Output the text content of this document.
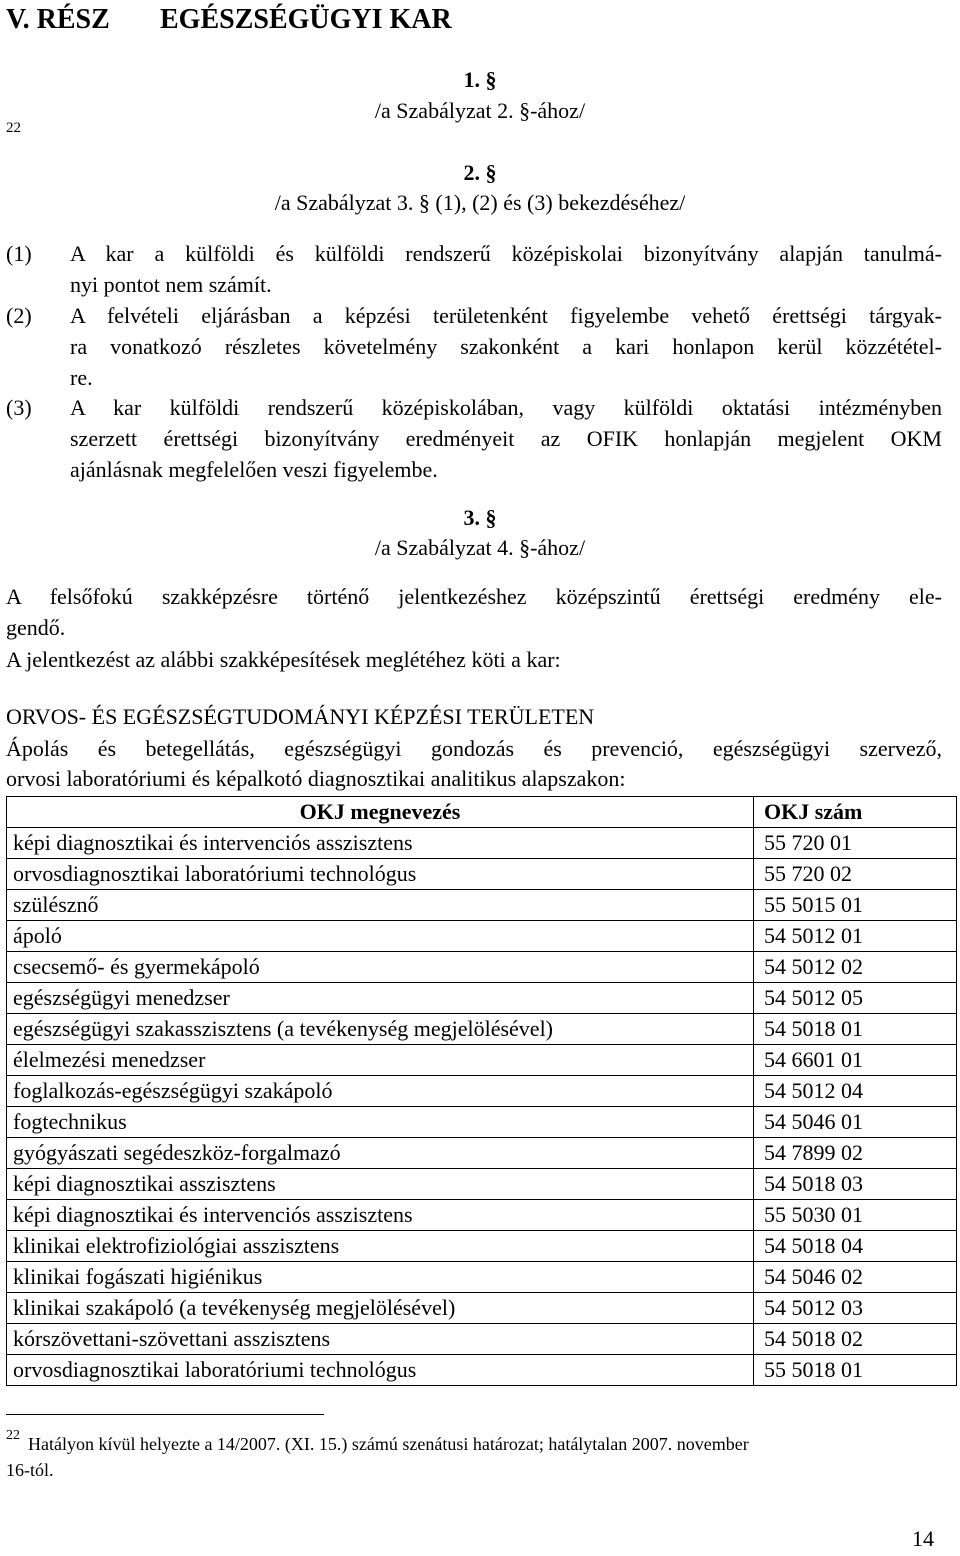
V. RÉSZ EGÉSZSÉGÜGYI KAR
1. §
22
/a Szabályzat 2. §-ához/
2. §
/a Szabályzat 3. § (1), (2) és (3) bekezdéséhez/
(1)	A kar a külföldi és külföldi rendszerű középiskolai bizonyítvány alapján tanulmá-
nyi pontot nem számít.
(2)	A felvételi eljárásban a képzési területenként figyelembe vehető érettségi tárgyak-
ra vonatkozó részletes követelmény szakonként a kari honlapon kerül közzététel-
re.
(3)	A kar külföldi rendszerű középiskolában, vagy külföldi oktatási intézményben
szerzett érettségi bizonyítvány eredményeit az OFIK honlapján megjelent OKM
ajánlásnak megfelelően veszi figyelembe.
3. §
/a Szabályzat 4. §-ához/
A felsőfokú szakképzésre történő jelentkezéshez középszintű érettségi eredmény ele-
gendő.
A jelentkezést az alábbi szakképesítések meglétéhez köti a kar:
ORVOS- ÉS EGÉSZSÉGTUDOMÁNYI KÉPZÉSI TERÜLETEN
Ápolás és betegellátás, egészségügyi gondozás és prevenció, egészségügyi szervező,
orvosi laboratóriumi és képalkotó diagnosztikai analitikus alapszakon:
OKJ megnevezés	OKJ szám
képi diagnosztikai és intervenciós asszisztens	55 720 01
orvosdiagnosztikai laboratóriumi technológus	55 720 02
szülésznő	55 5015 01
ápoló	54 5012 01
csecsemő- és gyermekápoló	54 5012 02
egészségügyi menedzser	54 5012 05
egészségügyi szakasszisztens (a tevékenység megjelölésével)	54 5018 01
élelmezési menedzser	54 6601 01
foglalkozás-egészségügyi szakápoló	54 5012 04
fogtechnikus	54 5046 01
gyógyászati segédeszköz-forgalmazó	54 7899 02
képi diagnosztikai asszisztens	54 5018 03
képi diagnosztikai és intervenciós asszisztens	55 5030 01
klinikai elektrofiziológiai asszisztens	54 5018 04
klinikai fogászati higiénikus	54 5046 02
klinikai szakápoló (a tevékenység megjelölésével)	54 5012 03
kórszövettani-szövettani asszisztens	54 5018 02
orvosdiagnosztikai laboratóriumi technológus	55 5018 01
22 Hatályon kívül helyezte a 14/2007. (XI. 15.) számú szenátusi határozat; hatálytalan 2007. november
16-tól.
14
